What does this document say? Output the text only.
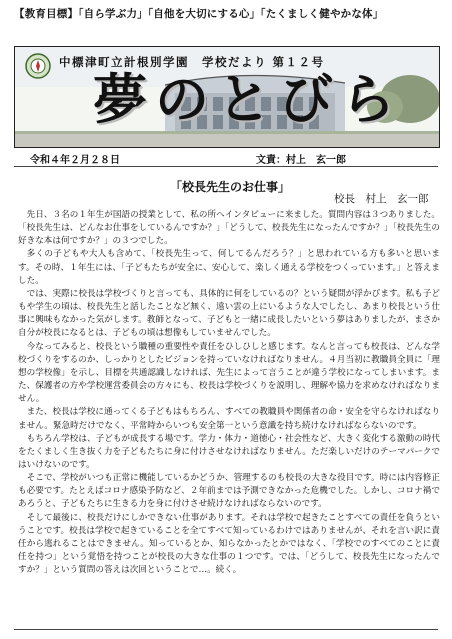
【教育目標】「自ら学ぶ力」「自他を大切にする心」「たくましく健やかな体」
中標津町立計根別学園　学校だより 第１２号
夢のとびら
令和４年２月２８日	文責：村上　玄一郎
「校長先生のお仕事」
校長　村上　玄一郎

先日、３名の１年生が国語の授業として、私の所へインタビューに来ました。質問内容は３つありました。「校長先生は、どんなお仕事をしているんですか？」「どうして、校長先生になったんですか？」「校長先生の好きな本は何ですか？」の３つでした。

多くの子どもや大人も含めて、「校長先生って、何してるんだろう？」と思われている方も多いと思います。その時、１年生には、「子どもたちが安全に、安心して、楽しく通える学校をつくっています。」と答えました。

では、実際に校長は学校づくりと言っても、具体的に何をしているの？という疑問が浮かびます。私も子どもや学生の頃は、校長先生と話したことなど無く、遠い雲の上にいるような人でしたし、あまり校長という仕事に興味もなかった気がします。教師となって、子どもと一緒に成長したいという夢はありましたが、まさか自分が校長になるとは、子どもの頃は想像もしていませんでした。

今なってみると、校長という職種の重要性や責任をひしひしと感じます。なんと言っても校長は、どんな学校づくりをするのか、しっかりとしたビジョンを持っていなければなりません。４月当初に教職員全員に「理想の学校像」を示し、目標を共通認識しなければ、先生によって言うことが違う学校になってしまいます。また、保護者の方や学校運営委員会の方々にも、校長は学校づくりを説明し、理解や協力を求めなければなりません。

また、校長は学校に通ってくる子どもはもちろん、すべての教職員や関係者の命・安全を守らなければなりません。緊急時だけでなく、平常時からいつも安全第一という意識を持ち続けなければならないのです。

もちろん学校は、子どもが成長する場です。学力・体力・道徳心・社会性など、大きく変化する激動の時代をたくましく生き抜く力を子どもたちに身に付けさせなければなりません。ただ楽しいだけのテーマパークではいけないのです。

そこで、学校がいつも正常に機能しているかどうか、管理するのも校長の大きな役目です。時には内容修正も必要です。たとえばコロナ感染予防など、２年前までは予測できなかった危機でした。しかし、コロナ禍であろうと、子どもたちに生きる力を身に付けさせ続けなければならないのです。

そして最後に、校長だけにしかできない仕事があります。それは学校で起きたことすべての責任を負うということです。校長は学校で起きていることを全てすべて知っているわけではありませんが、それを言い訳に責任から逃れることはできません。知っているとか、知らなかったとかではなく、「学校でのすべてのことに責任を持つ」という覚悟を持つことが校長の大きな仕事の１つです。では、「どうして、校長先生になったんですか？」という質問の答えは次回ということで…。続く。
